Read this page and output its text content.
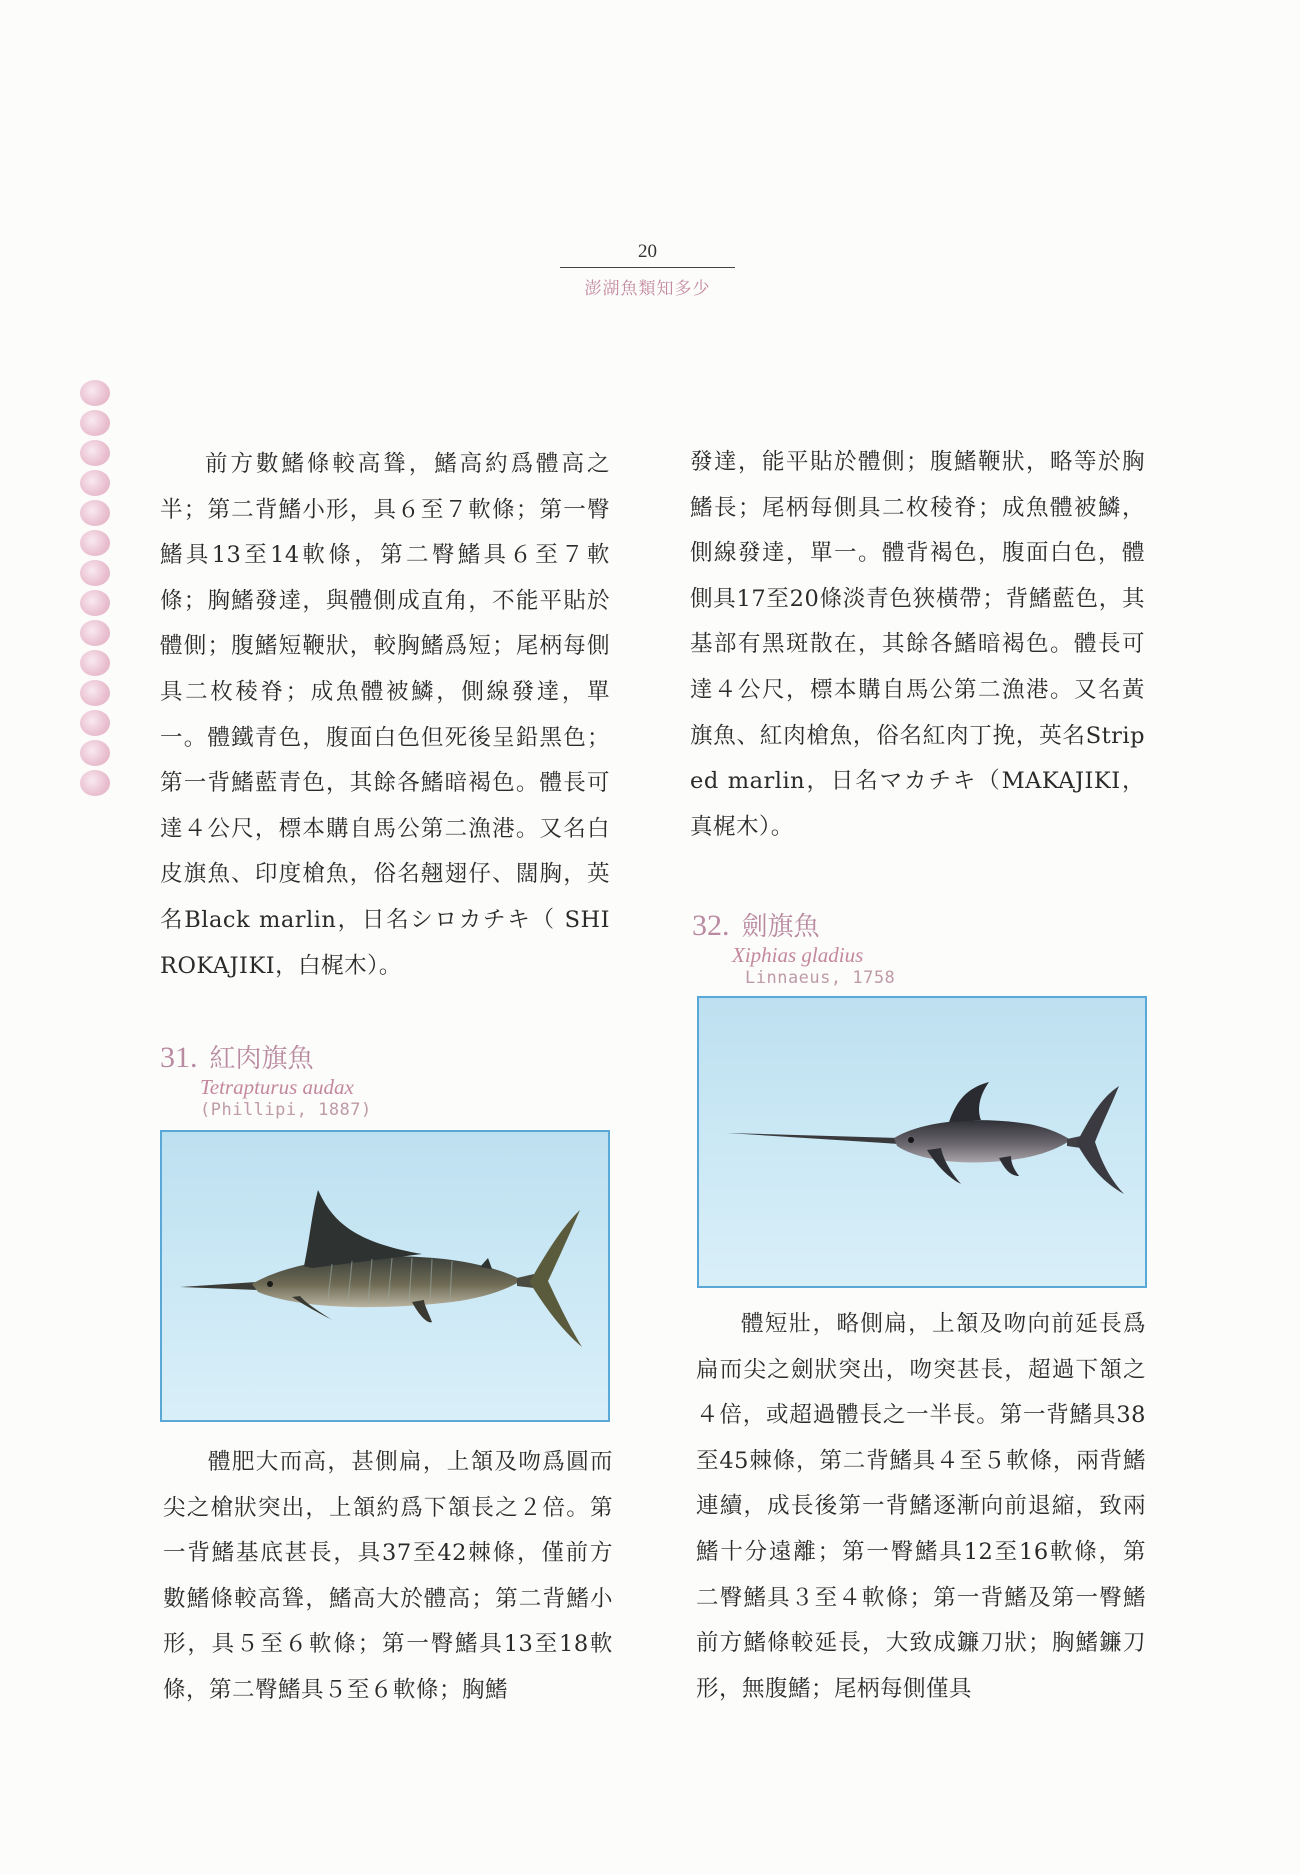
20
澎湖魚類知多少

前方數鰭條較高聳，鰭高約爲體高之半；第二背鰭小形，具６至７軟條；第一臀鰭具13至14軟條，第二臀鰭具６至７軟條；胸鰭發達，與體側成直角，不能平貼於體側；腹鰭短鞭狀，較胸鰭爲短；尾柄每側具二枚稜脊；成魚體被鱗，側線發達，單一。體鐵青色，腹面白色但死後呈鉛黑色；第一背鰭藍青色，其餘各鰭暗褐色。體長可達４公尺，標本購自馬公第二漁港。又名白皮旗魚、印度槍魚，俗名翹翅仔、闊胸，英名Black marlin，日名シロカチキ（ SHIROKAJIKI，白梶木）。

發達，能平貼於體側；腹鰭鞭狀，略等於胸鰭長；尾柄每側具二枚稜脊；成魚體被鱗，側線發達，單一。體背褐色，腹面白色，體側具17至20條淡青色狹橫帶；背鰭藍色，其基部有黑斑散在，其餘各鰭暗褐色。體長可達４公尺，標本購自馬公第二漁港。又名黃旗魚、紅肉槍魚，俗名紅肉丁挽，英名Striped marlin，日名マカチキ（MAKAJIKI，真梶木）。

31. 紅肉旗魚
Tetrapturus audax
(Phillipi, 1887)

體肥大而高，甚側扁，上頷及吻爲圓而尖之槍狀突出，上頷約爲下頷長之２倍。第一背鰭基底甚長，具37至42棘條，僅前方數鰭條較高聳，鰭高大於體高；第二背鰭小形，具５至６軟條；第一臀鰭具13至18軟條，第二臀鰭具５至６軟條；胸鰭

32. 劍旗魚
Xiphias gladius
Linnaeus, 1758

體短壯，略側扁，上頷及吻向前延長爲扁而尖之劍狀突出，吻突甚長，超過下頷之４倍，或超過體長之一半長。第一背鰭具38至45棘條，第二背鰭具４至５軟條，兩背鰭連續，成長後第一背鰭逐漸向前退縮，致兩鰭十分遠離；第一臀鰭具12至16軟條，第二臀鰭具３至４軟條；第一背鰭及第一臀鰭前方鰭條較延長，大致成鐮刀狀；胸鰭鐮刀形，無腹鰭；尾柄每側僅具
